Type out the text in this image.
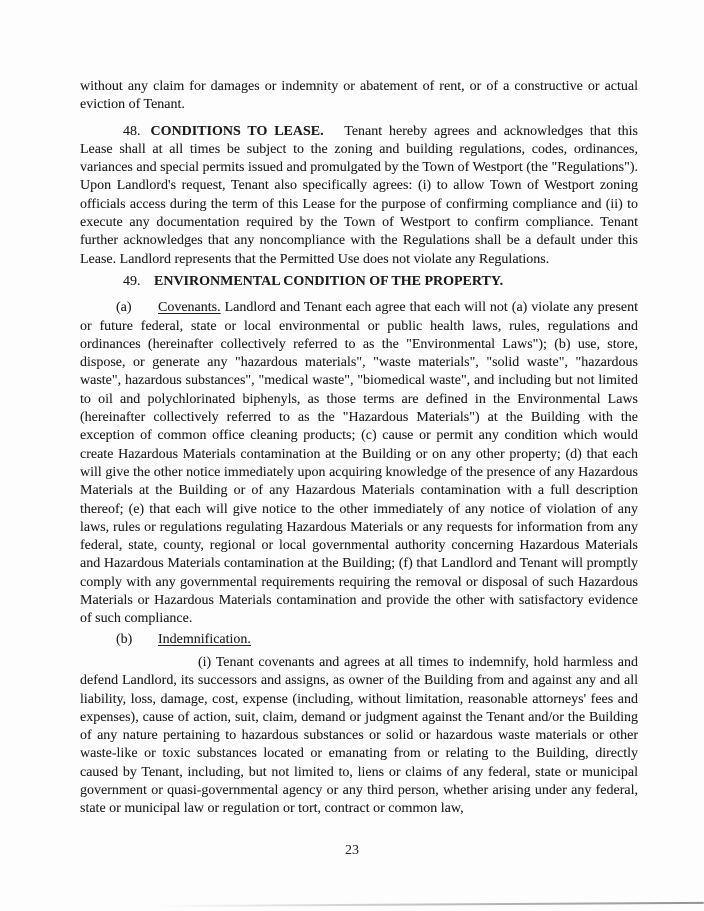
without any claim for damages or indemnity or abatement of rent, or of a constructive or actual eviction of Tenant.

48. CONDITIONS TO LEASE. Tenant hereby agrees and acknowledges that this Lease shall at all times be subject to the zoning and building regulations, codes, ordinances, variances and special permits issued and promulgated by the Town of Westport (the "Regulations"). Upon Landlord's request, Tenant also specifically agrees: (i) to allow Town of Westport zoning officials access during the term of this Lease for the purpose of confirming compliance and (ii) to execute any documentation required by the Town of Westport to confirm compliance. Tenant further acknowledges that any noncompliance with the Regulations shall be a default under this Lease. Landlord represents that the Permitted Use does not violate any Regulations.

49. ENVIRONMENTAL CONDITION OF THE PROPERTY.

(a) Covenants. Landlord and Tenant each agree that each will not (a) violate any present or future federal, state or local environmental or public health laws, rules, regulations and ordinances (hereinafter collectively referred to as the "Environmental Laws"); (b) use, store, dispose, or generate any "hazardous materials", "waste materials", "solid waste", "hazardous waste", hazardous substances", "medical waste", "biomedical waste", and including but not limited to oil and polychlorinated biphenyls, as those terms are defined in the Environmental Laws (hereinafter collectively referred to as the "Hazardous Materials") at the Building with the exception of common office cleaning products; (c) cause or permit any condition which would create Hazardous Materials contamination at the Building or on any other property; (d) that each will give the other notice immediately upon acquiring knowledge of the presence of any Hazardous Materials at the Building or of any Hazardous Materials contamination with a full description thereof; (e) that each will give notice to the other immediately of any notice of violation of any laws, rules or regulations regulating Hazardous Materials or any requests for information from any federal, state, county, regional or local governmental authority concerning Hazardous Materials and Hazardous Materials contamination at the Building; (f) that Landlord and Tenant will promptly comply with any governmental requirements requiring the removal or disposal of such Hazardous Materials or Hazardous Materials contamination and provide the other with satisfactory evidence of such compliance.

(b) Indemnification.

(i) Tenant covenants and agrees at all times to indemnify, hold harmless and defend Landlord, its successors and assigns, as owner of the Building from and against any and all liability, loss, damage, cost, expense (including, without limitation, reasonable attorneys' fees and expenses), cause of action, suit, claim, demand or judgment against the Tenant and/or the Building of any nature pertaining to hazardous substances or solid or hazardous waste materials or other waste-like or toxic substances located or emanating from or relating to the Building, directly caused by Tenant, including, but not limited to, liens or claims of any federal, state or municipal government or quasi-governmental agency or any third person, whether arising under any federal, state or municipal law or regulation or tort, contract or common law,

23
